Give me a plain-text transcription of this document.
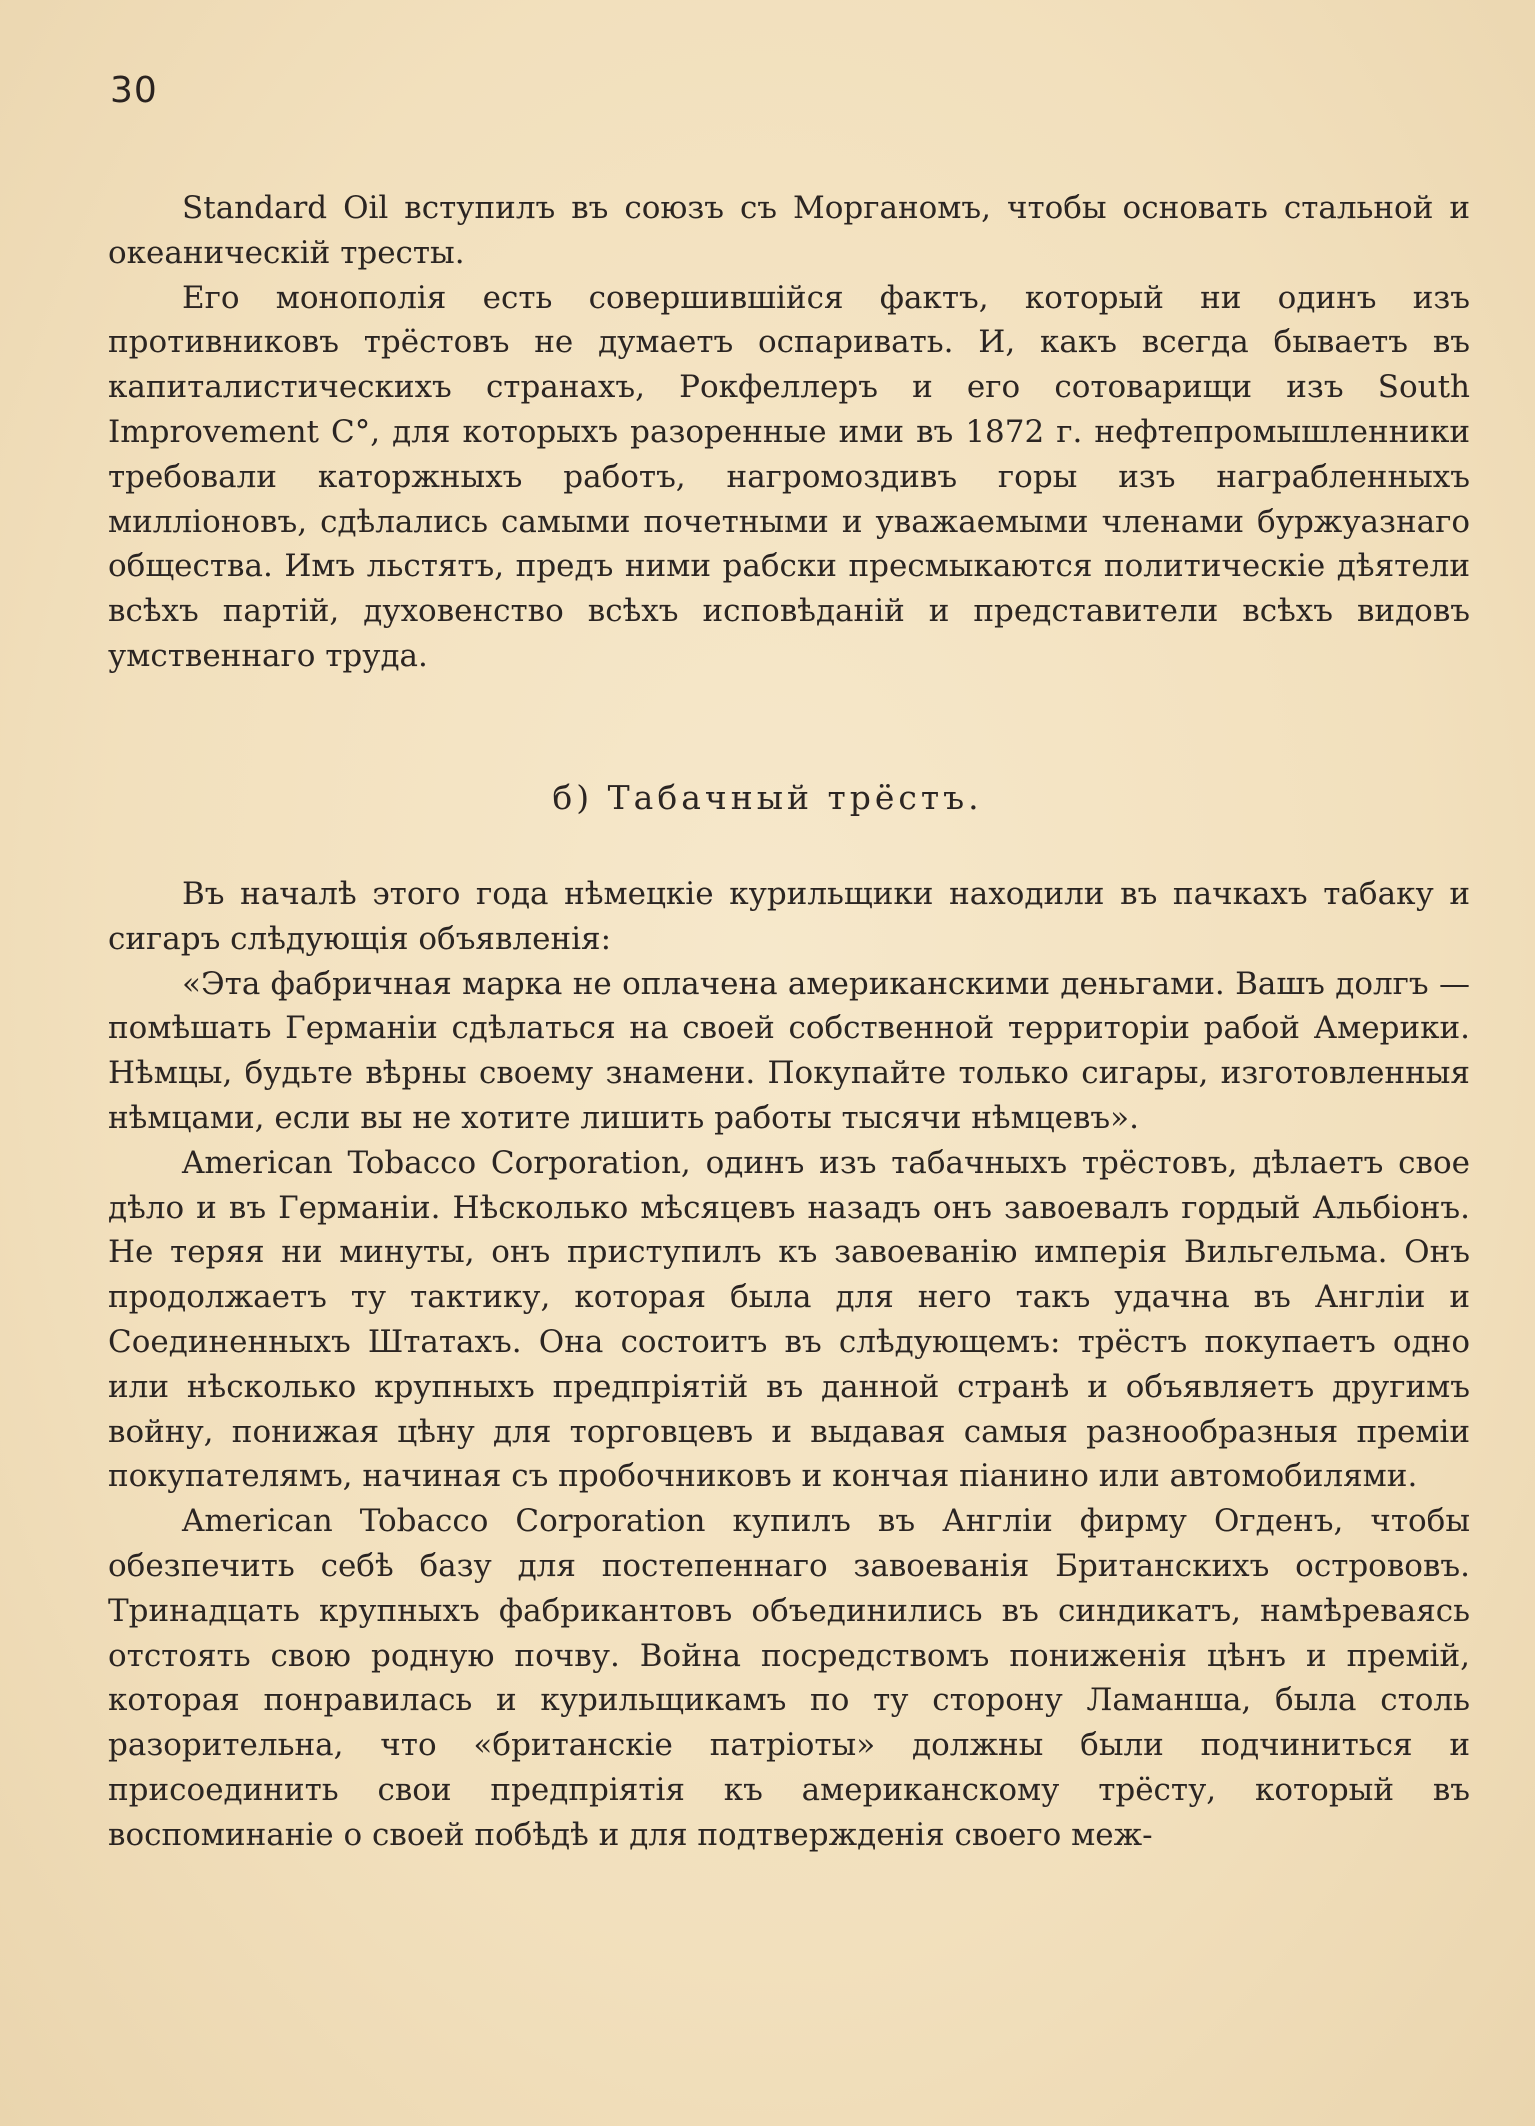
30

Standard Oil вступилъ въ союзъ съ Морганомъ, чтобы основать стальной и океаническій тресты.

Его монополія есть совершившійся фактъ, который ни одинъ изъ противниковъ трёстовъ не думаетъ оспаривать. И, какъ всегда бываетъ въ капиталистическихъ странахъ, Рокфеллеръ и его сотоварищи изъ South Improvement C°, для которыхъ разоренные ими въ 1872 г. нефтепромышленники требовали каторжныхъ работъ, нагромоздивъ горы изъ награбленныхъ милліоновъ, сдѣлались самыми почетными и уважаемыми членами буржуазнаго общества. Имъ льстятъ, предъ ними рабски пресмыкаются политическіе дѣятели всѣхъ партій, духовенство всѣхъ исповѣданій и представители всѣхъ видовъ умственнаго труда.

б) Табачный трёстъ.

Въ началѣ этого года нѣмецкіе курильщики находили въ пачкахъ табаку и сигаръ слѣдующія объявленія:

«Эта фабричная марка не оплачена американскими деньгами. Вашъ долгъ — помѣшать Германіи сдѣлаться на своей собственной территоріи рабой Америки. Нѣмцы, будьте вѣрны своему знамени. Покупайте только сигары, изготовленныя нѣмцами, если вы не хотите лишить работы тысячи нѣмцевъ».

American Tobacco Corporation, одинъ изъ табачныхъ трёстовъ, дѣлаетъ свое дѣло и въ Германіи. Нѣсколько мѣсяцевъ назадъ онъ завоевалъ гордый Альбіонъ. Не теряя ни минуты, онъ приступилъ къ завоеванію имперія Вильгельма. Онъ продолжаетъ ту тактику, которая была для него такъ удачна въ Англіи и Соединенныхъ Штатахъ. Она состоитъ въ слѣдующемъ: трёстъ покупаетъ одно или нѣсколько крупныхъ предпріятій въ данной странѣ и объявляетъ другимъ войну, понижая цѣну для торговцевъ и выдавая самыя разнообразныя преміи покупателямъ, начиная съ пробочниковъ и кончая піанино или автомобилями.

American Tobacco Corporation купилъ въ Англіи фирму Огденъ, чтобы обезпечить себѣ базу для постепеннаго завоеванія Британскихъ острововъ. Тринадцать крупныхъ фабрикантовъ объединились въ синдикатъ, намѣреваясь отстоять свою родную почву. Война посредствомъ пониженія цѣнъ и премій, которая понравилась и курильщикамъ по ту сторону Ламанша, была столь разорительна, что «британскіе патріоты» должны были подчиниться и присоединить свои предпріятія къ американскому трёсту, который въ воспоминаніе о своей побѣдѣ и для подтвержденія своего меж-
